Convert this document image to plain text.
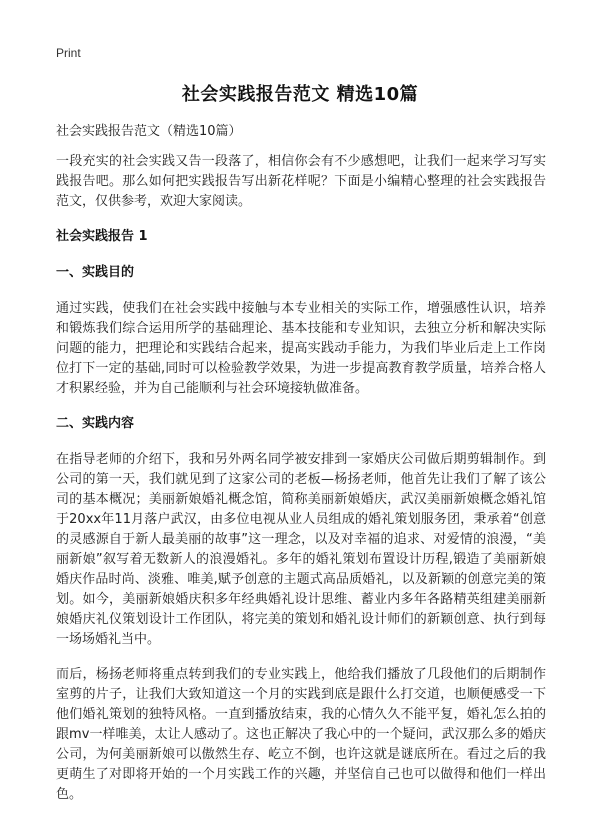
Print
社会实践报告范文 精选10篇
社会实践报告范文（精选10篇）

一段充实的社会实践又告一段落了，相信你会有不少感想吧，让我们一起来学习写实践报告吧。那么如何把实践报告写出新花样呢？下面是小编精心整理的社会实践报告范文，仅供参考，欢迎大家阅读。

社会实践报告 1
一、实践目的

通过实践，使我们在社会实践中接触与本专业相关的实际工作，增强感性认识，培养和锻炼我们综合运用所学的基础理论、基本技能和专业知识，去独立分析和解决实际问题的能力，把理论和实践结合起来，提高实践动手能力，为我们毕业后走上工作岗位打下一定的基础,同时可以检验教学效果，为进一步提高教育教学质量，培养合格人才积累经验，并为自己能顺利与社会环境接轨做准备。

二、实践内容

在指导老师的介绍下，我和另外两名同学被安排到一家婚庆公司做后期剪辑制作。到公司的第一天，我们就见到了这家公司的老板—杨扬老师，他首先让我们了解了该公司的基本概况；美丽新娘婚礼概念馆，简称美丽新娘婚庆，武汉美丽新娘概念婚礼馆于20xx年11月落户武汉，由多位电视从业人员组成的婚礼策划服务团，秉承着“创意的灵感源自于新人最美丽的故事”这一理念，以及对幸福的追求、对爱情的浪漫，“美丽新娘”叙写着无数新人的浪漫婚礼。多年的婚礼策划布置设计历程,锻造了美丽新娘婚庆作品时尚、淡雅、唯美,赋予创意的主题式高品质婚礼，以及新颖的创意完美的策划。如今，美丽新娘婚庆积多年经典婚礼设计思维、蓄业内多年各路精英组建美丽新娘婚庆礼仪策划设计工作团队，将完美的策划和婚礼设计师们的新颖创意、执行到每一场场婚礼当中。

而后，杨扬老师将重点转到我们的专业实践上，他给我们播放了几段他们的后期制作室剪的片子，让我们大致知道这一个月的实践到底是跟什么打交道，也顺便感受一下他们婚礼策划的独特风格。一直到播放结束，我的心情久久不能平复，婚礼怎么拍的跟mv一样唯美，太让人感动了。这也正解决了我心中的一个疑问，武汉那么多的婚庆公司，为何美丽新娘可以傲然生存、屹立不倒，也许这就是谜底所在。看过之后的我更萌生了对即将开始的一个月实践工作的兴趣，并坚信自己也可以做得和他们一样出色。
